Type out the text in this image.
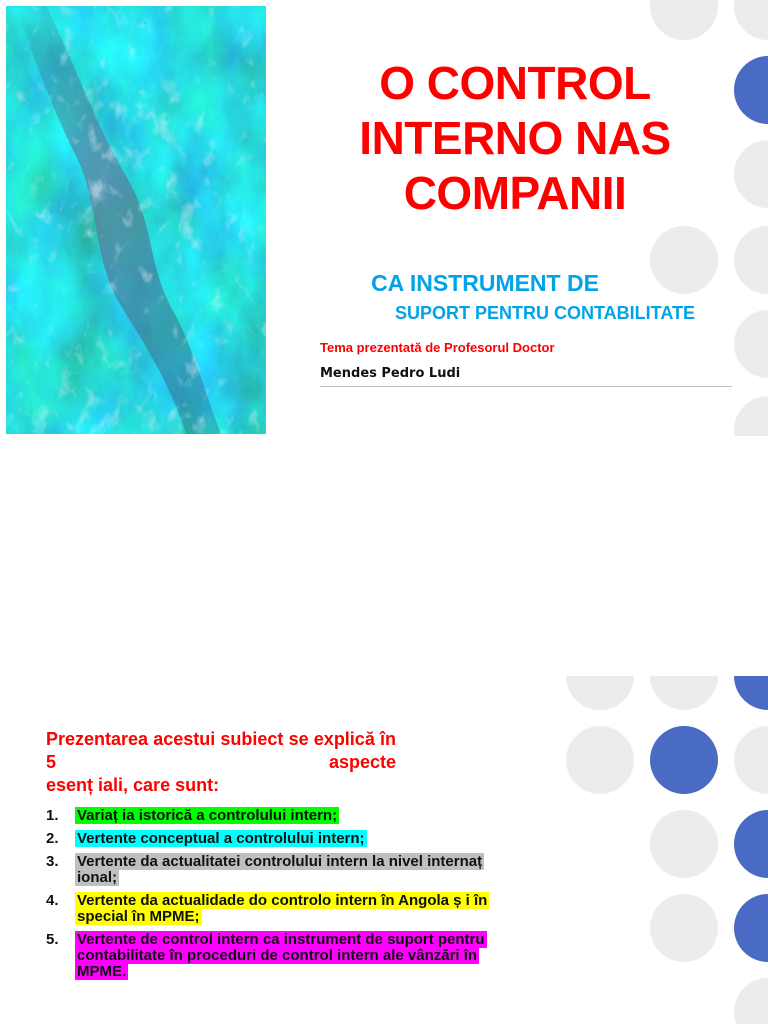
O CONTROL INTERNO NAS COMPANII
CA INSTRUMENT DE
SUPORT PENTRU CONTABILITATE
Tema prezentată de Profesorul Doctor
Mendes Pedro Ludi

Prezentarea acestui subiect se explică în 5 aspecte
esenț iali, care sunt:

1.	Variaț ia istorică a controlului intern;
2.	Vertente conceptual a controlului intern;
3.	Vertente da actualitatei controlului intern la nivel internaț ional;
4.	Vertente da actualidade do controlo intern în Angola ș i în special în MPME;
5.	Vertente de control intern ca instrument de suport pentru contabilitate în proceduri de control intern ale vânzări în MPME.
